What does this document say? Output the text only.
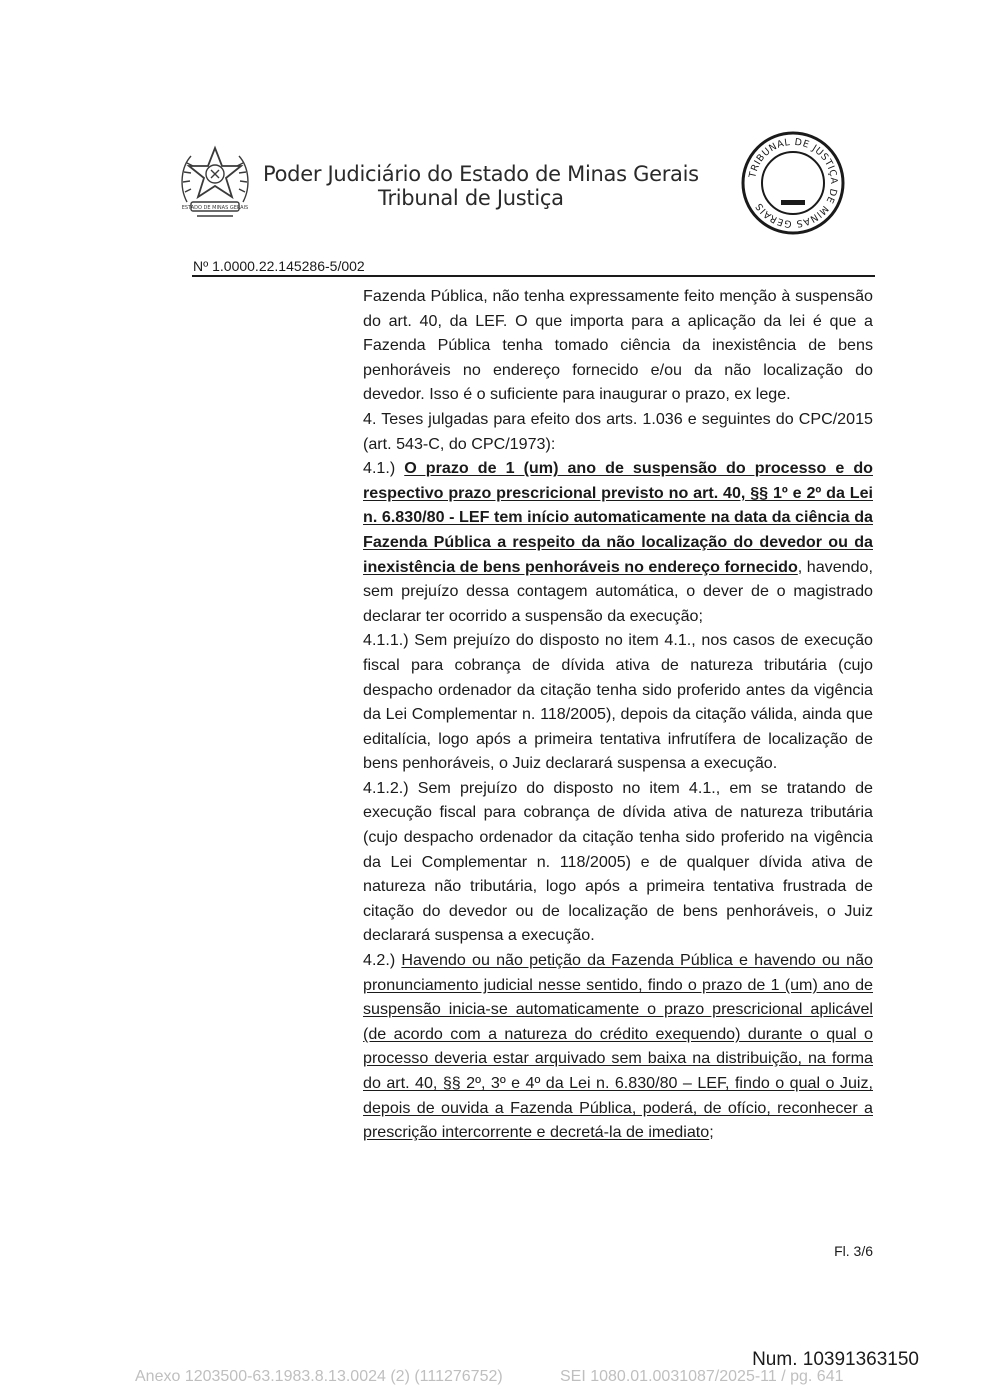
ESTADO DE MINAS GERAIS
Poder Judiciário do Estado de Minas Gerais
Tribunal de Justiça
TRIBUNAL DE JUSTIÇA DE MINAS GERAIS
Nº 1.0000.22.145286-5/002

Fazenda Pública, não tenha expressamente feito menção à suspensão do art. 40, da LEF. O que importa para a aplicação da lei é que a Fazenda Pública tenha tomado ciência da inexistência de bens penhoráveis no endereço fornecido e/ou da não localização do devedor. Isso é o suficiente para inaugurar o prazo, ex lege.

4. Teses julgadas para efeito dos arts. 1.036 e seguintes do CPC/2015 (art. 543-C, do CPC/1973):

4.1.) O prazo de 1 (um) ano de suspensão do processo e do respectivo prazo prescricional previsto no art. 40, §§ 1º e 2º da Lei n. 6.830/80 - LEF tem início automaticamente na data da ciência da Fazenda Pública a respeito da não localização do devedor ou da inexistência de bens penhoráveis no endereço fornecido, havendo, sem prejuízo dessa contagem automática, o dever de o magistrado declarar ter ocorrido a suspensão da execução;

4.1.1.) Sem prejuízo do disposto no item 4.1., nos casos de execução fiscal para cobrança de dívida ativa de natureza tributária (cujo despacho ordenador da citação tenha sido proferido antes da vigência da Lei Complementar n. 118/2005), depois da citação válida, ainda que editalícia, logo após a primeira tentativa infrutífera de localização de bens penhoráveis, o Juiz declarará suspensa a execução.

4.1.2.) Sem prejuízo do disposto no item 4.1., em se tratando de execução fiscal para cobrança de dívida ativa de natureza tributária (cujo despacho ordenador da citação tenha sido proferido na vigência da Lei Complementar n. 118/2005) e de qualquer dívida ativa de natureza não tributária, logo após a primeira tentativa frustrada de citação do devedor ou de localização de bens penhoráveis, o Juiz declarará suspensa a execução.

4.2.) Havendo ou não petição da Fazenda Pública e havendo ou não pronunciamento judicial nesse sentido, findo o prazo de 1 (um) ano de suspensão inicia-se automaticamente o prazo prescricional aplicável (de acordo com a natureza do crédito exequendo) durante o qual o processo deveria estar arquivado sem baixa na distribuição, na forma do art. 40, §§ 2º, 3º e 4º da Lei n. 6.830/80 – LEF, findo o qual o Juiz, depois de ouvida a Fazenda Pública, poderá, de ofício, reconhecer a prescrição intercorrente e decretá-la de imediato;

Fl. 3/6
Num. 10391363150
Anexo 1203500-63.1983.8.13.0024 (2) (111276752)	SEI 1080.01.0031087/2025-11 / pg. 641
